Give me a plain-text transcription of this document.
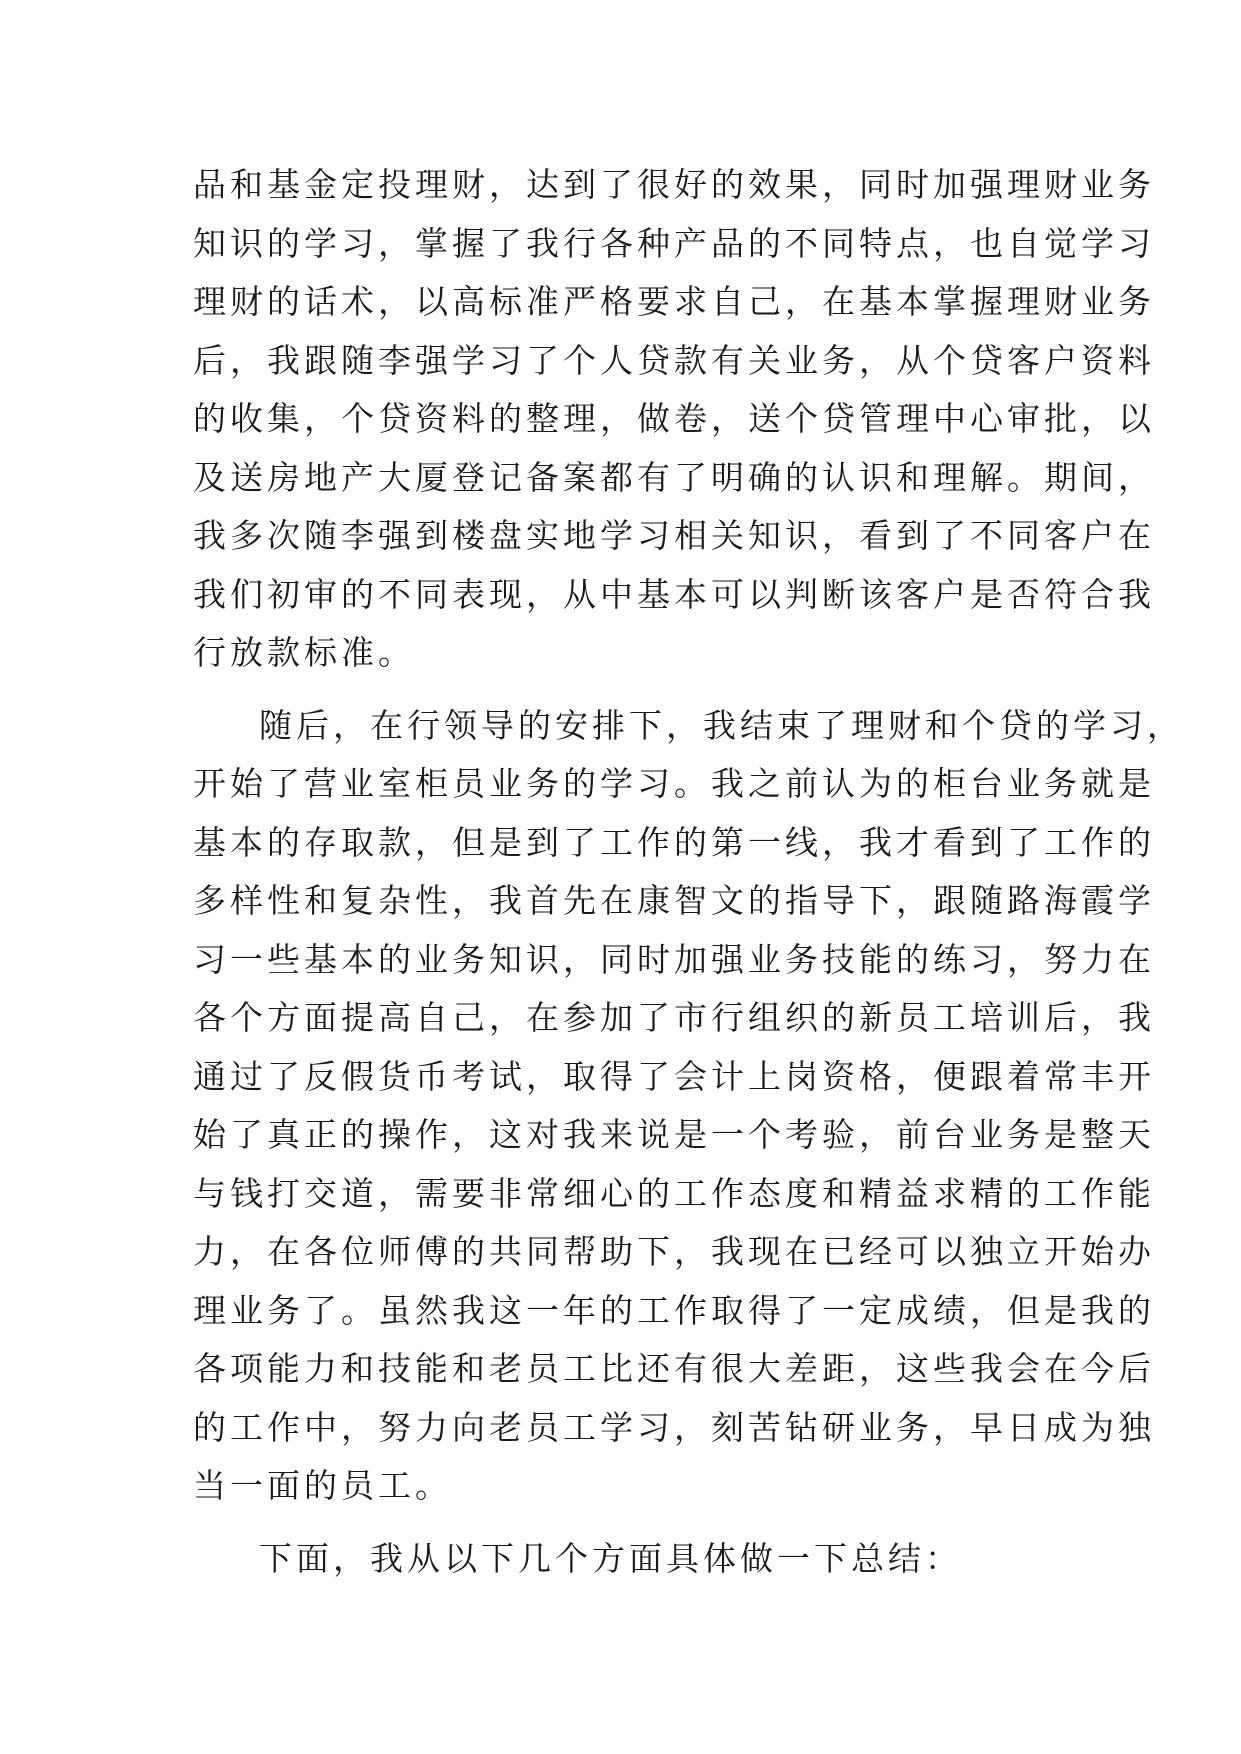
品和基金定投理财，达到了很好的效果，同时加强理财业务
知识的学习，掌握了我行各种产品的不同特点，也自觉学习
理财的话术，以高标准严格要求自己，在基本掌握理财业务
后，我跟随李强学习了个人贷款有关业务，从个贷客户资料
的收集，个贷资料的整理，做卷，送个贷管理中心审批，以
及送房地产大厦登记备案都有了明确的认识和理解。期间，
我多次随李强到楼盘实地学习相关知识，看到了不同客户在
我们初审的不同表现，从中基本可以判断该客户是否符合我
行放款标准。
随后，在行领导的安排下，我结束了理财和个贷的学习，
开始了营业室柜员业务的学习。我之前认为的柜台业务就是
基本的存取款，但是到了工作的第一线，我才看到了工作的
多样性和复杂性，我首先在康智文的指导下，跟随路海霞学
习一些基本的业务知识，同时加强业务技能的练习，努力在
各个方面提高自己，在参加了市行组织的新员工培训后，我
通过了反假货币考试，取得了会计上岗资格，便跟着常丰开
始了真正的操作，这对我来说是一个考验，前台业务是整天
与钱打交道，需要非常细心的工作态度和精益求精的工作能
力，在各位师傅的共同帮助下，我现在已经可以独立开始办
理业务了。虽然我这一年的工作取得了一定成绩，但是我的
各项能力和技能和老员工比还有很大差距，这些我会在今后
的工作中，努力向老员工学习，刻苦钻研业务，早日成为独
当一面的员工。
下面，我从以下几个方面具体做一下总结：
